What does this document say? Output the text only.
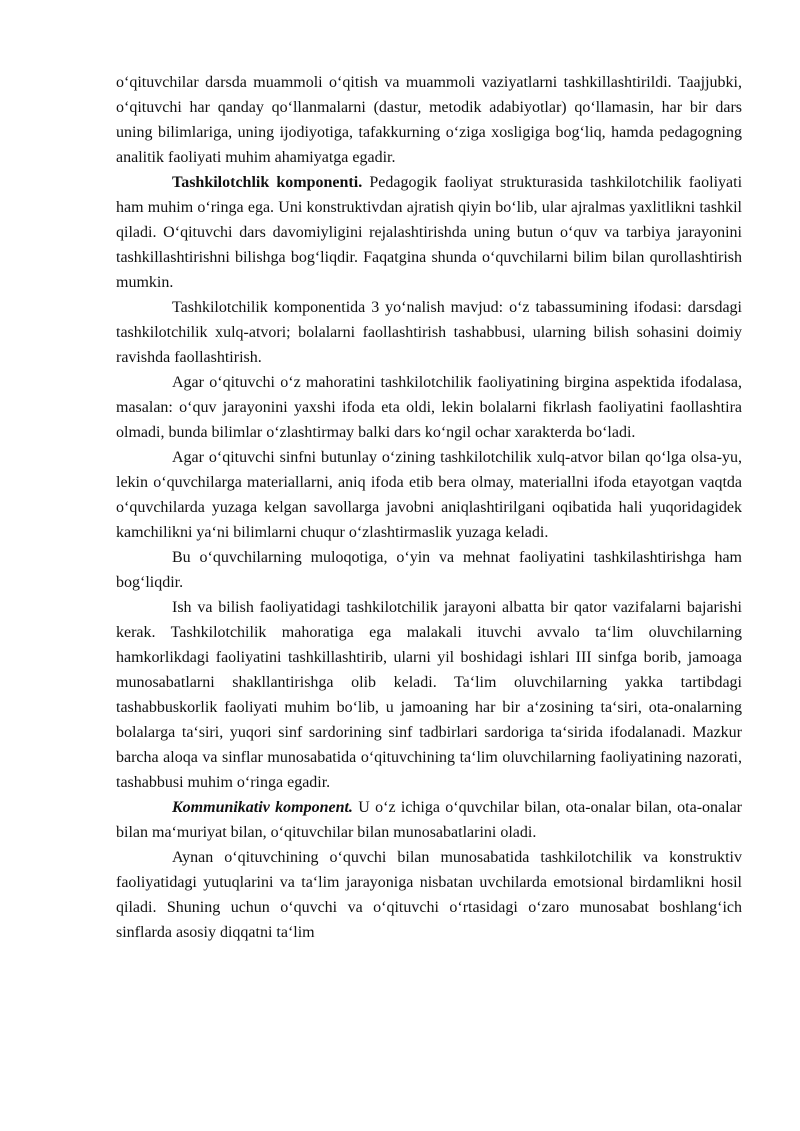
o‘qituvchilar darsda muammoli o‘qitish va muammoli vaziyatlarni tashkillashtirildi. Taajjubki, o‘qituvchi har qanday qo‘llanmalarni (dastur, metodik adabiyotlar) qo‘llamasin, har bir dars uning bilimlariga, uning ijodiyotiga, tafakkurning o‘ziga xosligiga bog‘liq, hamda pedagogning analitik faoliyati muhim ahamiyatga egadir.

Tashkilotchlik komponenti. Pedagogik faoliyat strukturasida tashkilotchilik faoliyati ham muhim o‘ringa ega. Uni konstruktivdan ajratish qiyin bo‘lib, ular ajralmas yaxlitlikni tashkil qiladi. O‘qituvchi dars davomiyligini rejalashtirishda uning butun o‘quv va tarbiya jarayonini tashkillashtirishni bilishga bog‘liqdir. Faqatgina shunda o‘quvchilarni bilim bilan qurollashtirish mumkin.

Tashkilotchilik komponentida 3 yo‘nalish mavjud: o‘z tabassumining ifodasi: darsdagi tashkilotchilik xulq-atvori; bolalarni faollashtirish tashabbusi, ularning bilish sohasini doimiy ravishda faollashtirish.

Agar o‘qituvchi o‘z mahoratini tashkilotchilik faoliyatining birgina aspektida ifodalasa, masalan: o‘quv jarayonini yaxshi ifoda eta oldi, lekin bolalarni fikrlash faoliyatini faollashtira olmadi, bunda bilimlar o‘zlashtirmay balki dars ko‘ngil ochar xarakterda bo‘ladi.

Agar o‘qituvchi sinfni butunlay o‘zining tashkilotchilik xulq-atvor bilan qo‘lga olsa-yu, lekin o‘quvchilarga materiallarni, aniq ifoda etib bera olmay, materiallni ifoda etayotgan vaqtda o‘quvchilarda yuzaga kelgan savollarga javobni aniqlashtirilgani oqibatida hali yuqoridagidek kamchilikni ya‘ni bilimlarni chuqur o‘zlashtirmaslik yuzaga keladi.

Bu o‘quvchilarning muloqotiga, o‘yin va mehnat faoliyatini tashkilashtirishga ham bog‘liqdir.

Ish va bilish faoliyatidagi tashkilotchilik jarayoni albatta bir qator vazifalarni bajarishi kerak. Tashkilotchilik mahoratiga ega malakali ituvchi avvalo ta‘lim oluvchilarning hamkorlikdagi faoliyatini tashkillashtirib, ularni yil boshidagi ishlari III sinfga borib, jamoaga munosabatlarni shakllantirishga olib keladi. Ta‘lim oluvchilarning yakka tartibdagi tashabbuskorlik faoliyati muhim bo‘lib, u jamoaning har bir a‘zosining ta‘siri, ota-onalarning bolalarga ta‘siri, yuqori sinf sardorining sinf tadbirlari sardoriga ta‘sirida ifodalanadi. Mazkur barcha aloqa va sinflar munosabatida o‘qituvchining ta‘lim oluvchilarning faoliyatining nazorati, tashabbusi muhim o‘ringa egadir.

Kommunikativ komponent. U o‘z ichiga o‘quvchilar bilan, ota-onalar bilan, ota-onalar bilan ma‘muriyat bilan, o‘qituvchilar bilan munosabatlarini oladi.

Aynan o‘qituvchining o‘quvchi bilan munosabatida tashkilotchilik va konstruktiv faoliyatidagi yutuqlarini va ta‘lim jarayoniga nisbatan uvchilarda emotsional birdamlikni hosil qiladi. Shuning uchun o‘quvchi va o‘qituvchi o‘rtasidagi o‘zaro munosabat boshlang‘ich sinflarda asosiy diqqatni ta‘lim
